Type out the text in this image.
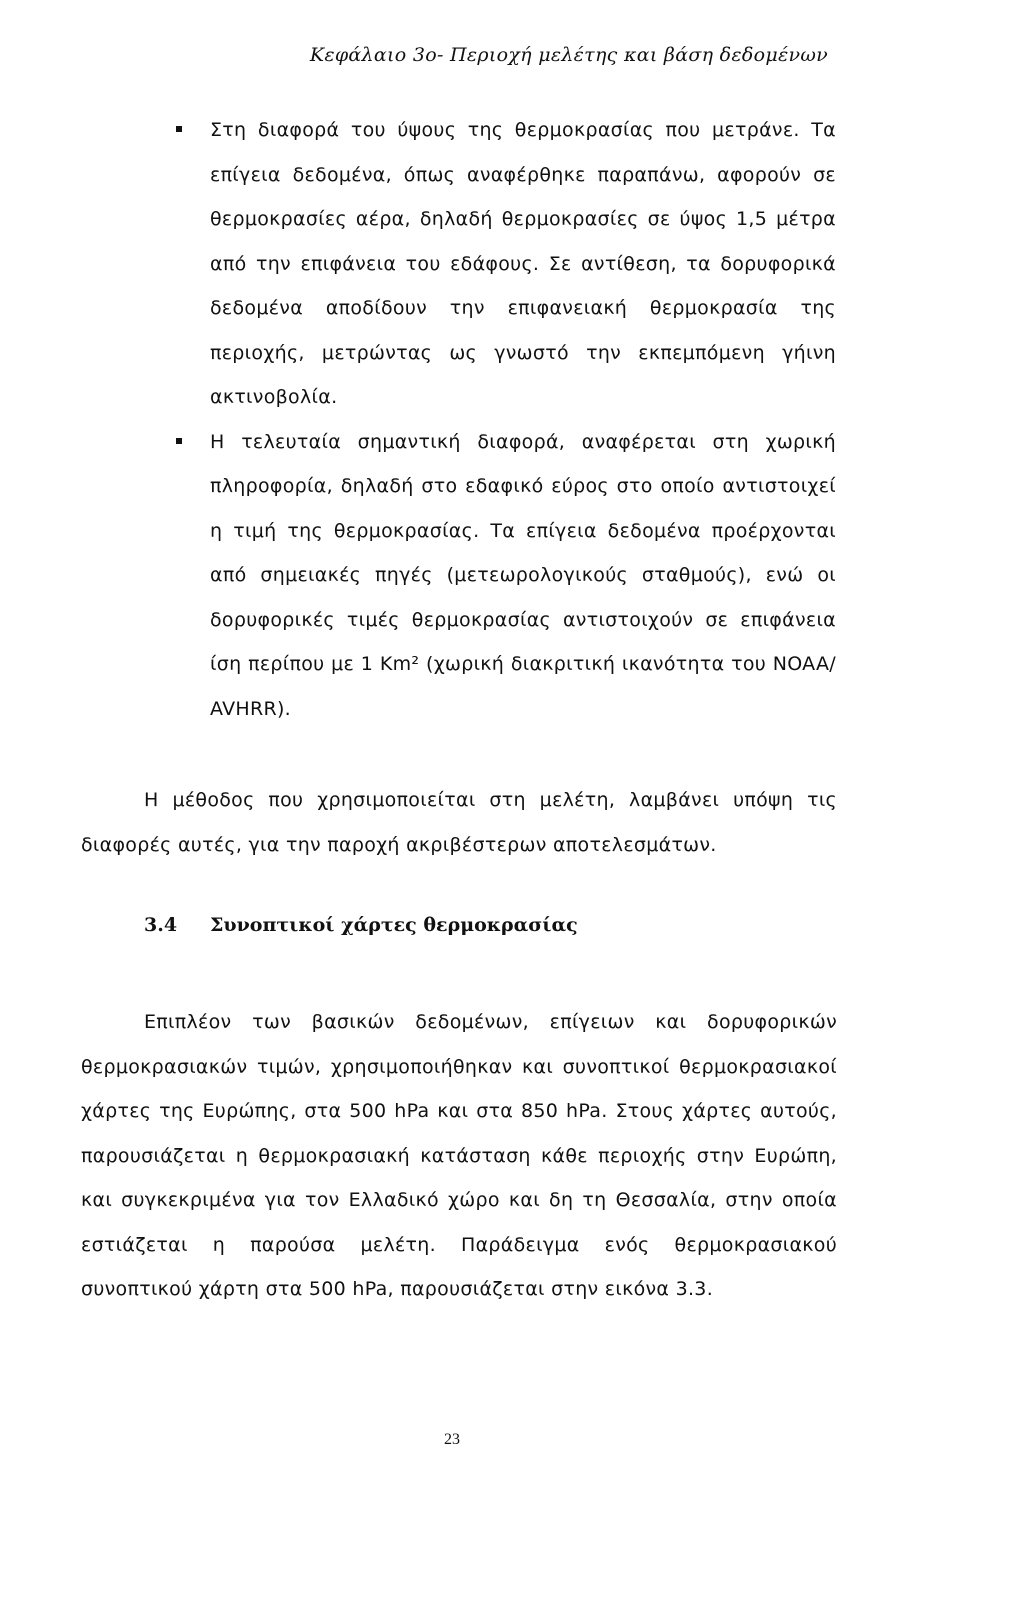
Κεφάλαιο 3ο- Περιοχή μελέτης και βάση δεδομένων
Στη διαφορά του ύψους της θερμοκρασίας που μετράνε. Τα επίγεια δεδομένα, όπως αναφέρθηκε παραπάνω, αφορούν σε θερμοκρασίες αέρα, δηλαδή θερμοκρασίες σε ύψος 1,5 μέτρα από την επιφάνεια του εδάφους. Σε αντίθεση, τα δορυφορικά δεδομένα αποδίδουν την επιφανειακή θερμοκρασία της περιοχής, μετρώντας ως γνωστό την εκπεμπόμενη γήινη ακτινοβολία.
Η τελευταία σημαντική διαφορά, αναφέρεται στη χωρική πληροφορία, δηλαδή στο εδαφικό εύρος στο οποίο αντιστοιχεί η τιμή της θερμοκρασίας. Τα επίγεια δεδομένα προέρχονται από σημειακές πηγές (μετεωρολογικούς σταθμούς), ενώ οι δορυφορικές τιμές θερμοκρασίας αντιστοιχούν σε επιφάνεια ίση περίπου με 1 Km² (χωρική διακριτική ικανότητα του NOAA/ AVHRR).

Η μέθοδος που χρησιμοποιείται στη μελέτη, λαμβάνει υπόψη τις διαφορές αυτές, για την παροχή ακριβέστερων αποτελεσμάτων.

3.4 Συνοπτικοί χάρτες θερμοκρασίας

Επιπλέον των βασικών δεδομένων, επίγειων και δορυφορικών θερμοκρασιακών τιμών, χρησιμοποιήθηκαν και συνοπτικοί θερμοκρασιακοί χάρτες της Ευρώπης, στα 500 hPa και στα 850 hPa. Στους χάρτες αυτούς, παρουσιάζεται η θερμοκρασιακή κατάσταση κάθε περιοχής στην Ευρώπη, και συγκεκριμένα για τον Ελλαδικό χώρο και δη τη Θεσσαλία, στην οποία εστιάζεται η παρούσα μελέτη. Παράδειγμα ενός θερμοκρασιακού συνοπτικού χάρτη στα 500 hPa, παρουσιάζεται στην εικόνα 3.3.

23
